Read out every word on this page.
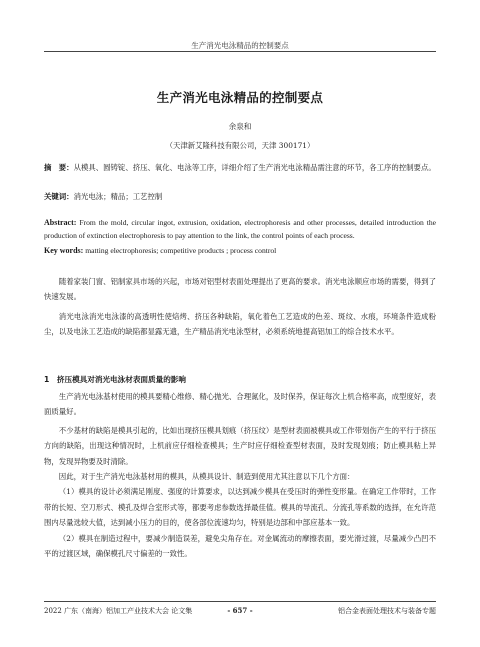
生产消光电泳精品的控制要点
生产消光电泳精品的控制要点
余泉和
（天津新艾隆科技有限公司，天津 300171）
摘　要：从模具、圆铸锭、挤压、氧化、电泳等工序，详细介绍了生产消光电泳精品需注意的环节，各工序的控制要点。
关键词：消光电泳；精品；工艺控制
Abstract: From the mold, circular ingot, extrusion, oxidation, electrophoresis and other processes, detailed introduction the production of extinction electrophoresis to pay attention to the link, the control points of each process.
Key words: matting electrophoresis; competitive products ; process control

随着家装门窗、铝制家具市场的兴起，市场对铝型材表面处理提出了更高的要求。消光电泳顺应市场的需要，得到了快速发展。

消光电泳消光电泳漆的高透明性使焙烤、挤压各种缺陷，氧化着色工艺造成的色差、斑纹、水痕，环境条件造成粉尘，以及电泳工艺造成的缺陷都显露无遗，生产精品消光电泳型材，必须系统地提高铝加工的综合技术水平。

1　挤压模具对消光电泳材表面质量的影响

生产消光电泳基材使用的模具要精心维修、精心抛光、合理氮化，及时保养，保证每次上机合格率高，成型度好，表面质量好。

不少基材的缺陷是模具引起的，比如出现挤压模具划痕（挤压纹）是型材表面被模具或工作带划伤产生的平行于挤压方向的缺陷，出现这种情况时，上机前应仔细检查模具；生产时应仔细检查型材表面，及时发现划痕；防止模具粘上异物，发现异物要及时清除。

因此，对于生产消光电泳基材用的模具，从模具设计、制造到使用尤其注意以下几个方面：

（1）模具的设计必须满足刚度、强度的计算要求，以达到减少模具在受压时的弹性变形量。在确定工作带时，工作带的长短、空刀形式、模孔及焊合室形式等，都要考虑参数选择最佳值。模具的导流孔、分流孔等系数的选择，在允许范围内尽量选较大值，达到减小压力的目的，使各部位流速均匀，特别是边部和中部应基本一致。

（2）模具在制造过程中，要减少制造误差，避免尖角存在。对金属流动的摩擦表面，要光滑过渡，尽量减少凸凹不平的过渡区域，确保模孔尺寸偏差的一致性。

2022 广东（南海）铝加工产业技术大会 论文集	- 657 -	铝合金表面处理技术与装备专题
